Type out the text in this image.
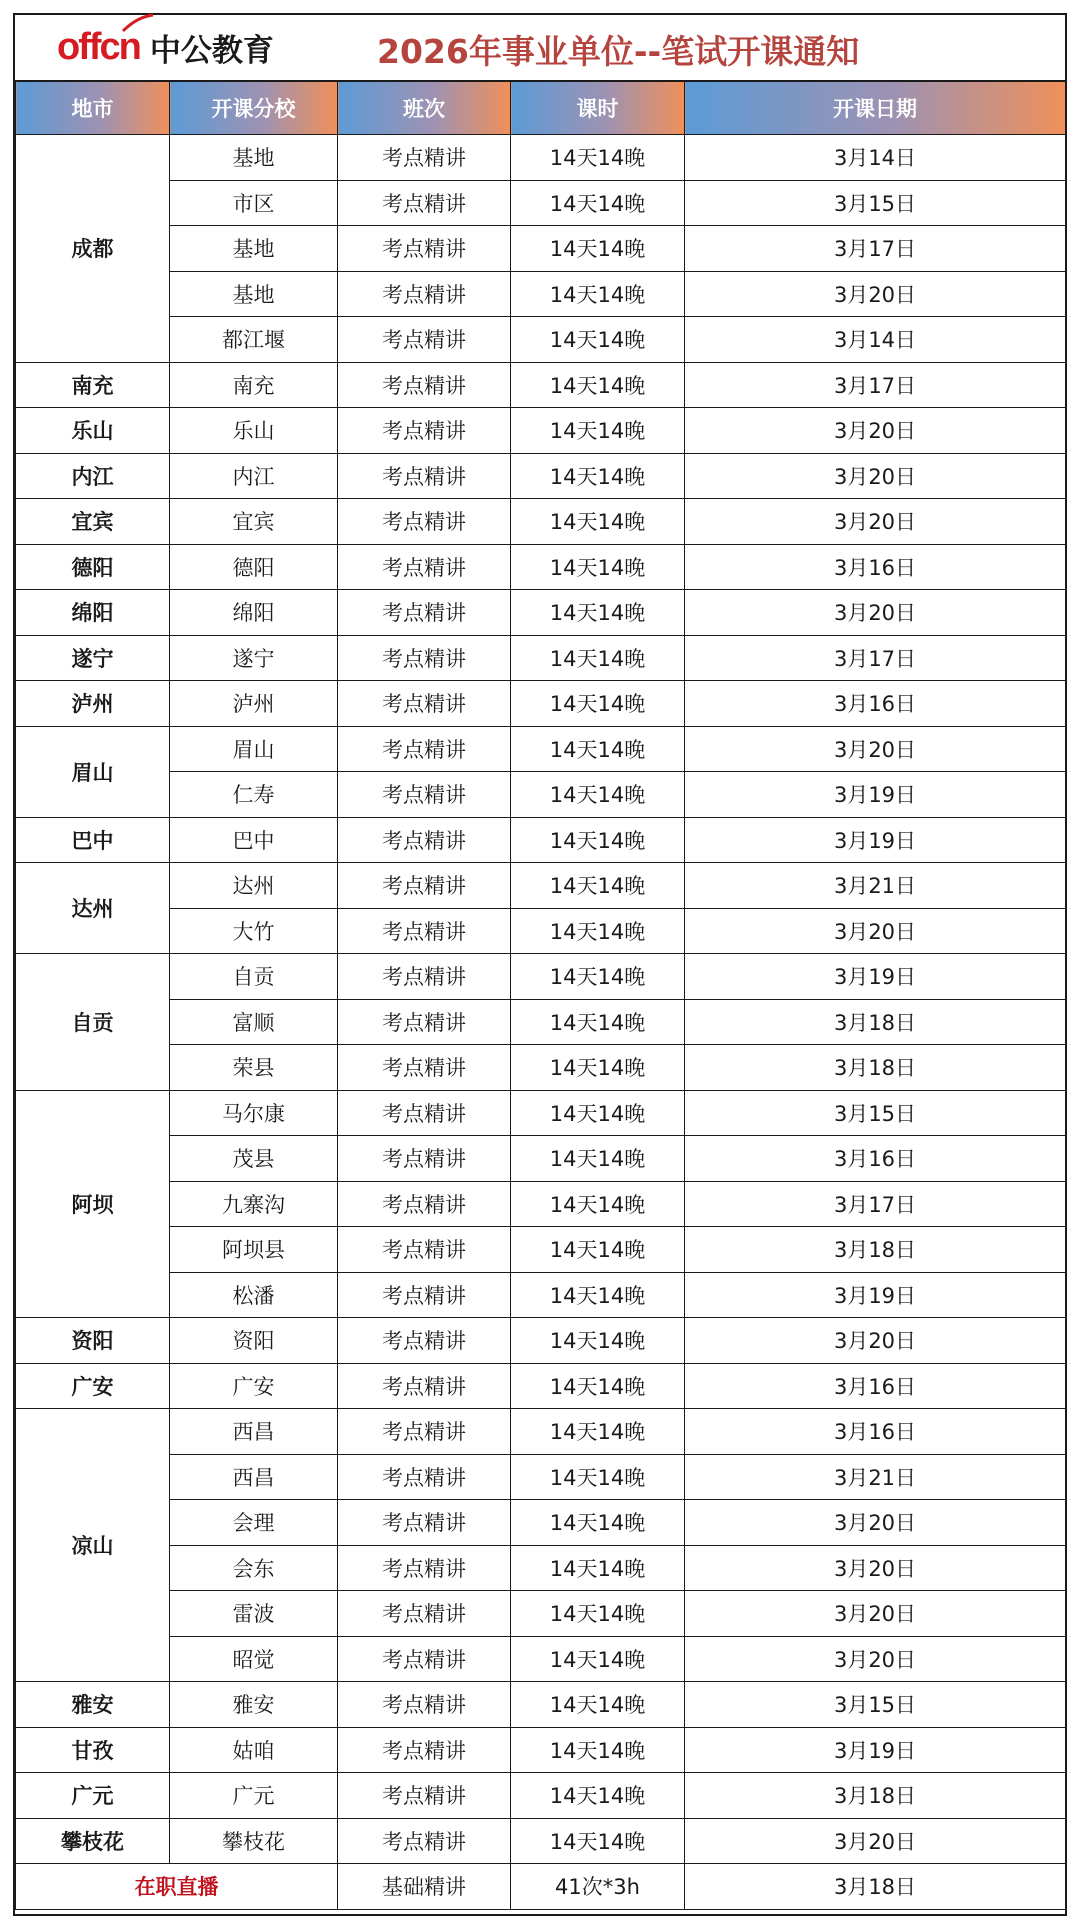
offcn 中公教育	2026年事业单位--笔试开课通知
地市	开课分校	班次	课时	开课日期
成都	基地	考点精讲	14天14晚	3月14日
	市区	考点精讲	14天14晚	3月15日
	基地	考点精讲	14天14晚	3月17日
	基地	考点精讲	14天14晚	3月20日
	都江堰	考点精讲	14天14晚	3月14日
南充	南充	考点精讲	14天14晚	3月17日
乐山	乐山	考点精讲	14天14晚	3月20日
内江	内江	考点精讲	14天14晚	3月20日
宜宾	宜宾	考点精讲	14天14晚	3月20日
德阳	德阳	考点精讲	14天14晚	3月16日
绵阳	绵阳	考点精讲	14天14晚	3月20日
遂宁	遂宁	考点精讲	14天14晚	3月17日
泸州	泸州	考点精讲	14天14晚	3月16日
眉山	眉山	考点精讲	14天14晚	3月20日
	仁寿	考点精讲	14天14晚	3月19日
巴中	巴中	考点精讲	14天14晚	3月19日
达州	达州	考点精讲	14天14晚	3月21日
	大竹	考点精讲	14天14晚	3月20日
自贡	自贡	考点精讲	14天14晚	3月19日
	富顺	考点精讲	14天14晚	3月18日
	荣县	考点精讲	14天14晚	3月18日
阿坝	马尔康	考点精讲	14天14晚	3月15日
	茂县	考点精讲	14天14晚	3月16日
	九寨沟	考点精讲	14天14晚	3月17日
	阿坝县	考点精讲	14天14晚	3月18日
	松潘	考点精讲	14天14晚	3月19日
资阳	资阳	考点精讲	14天14晚	3月20日
广安	广安	考点精讲	14天14晚	3月16日
凉山	西昌	考点精讲	14天14晚	3月16日
	西昌	考点精讲	14天14晚	3月21日
	会理	考点精讲	14天14晚	3月20日
	会东	考点精讲	14天14晚	3月20日
	雷波	考点精讲	14天14晚	3月20日
	昭觉	考点精讲	14天14晚	3月20日
雅安	雅安	考点精讲	14天14晚	3月15日
甘孜	姑咱	考点精讲	14天14晚	3月19日
广元	广元	考点精讲	14天14晚	3月18日
攀枝花	攀枝花	考点精讲	14天14晚	3月20日
在职直播		基础精讲	41次*3h	3月18日
